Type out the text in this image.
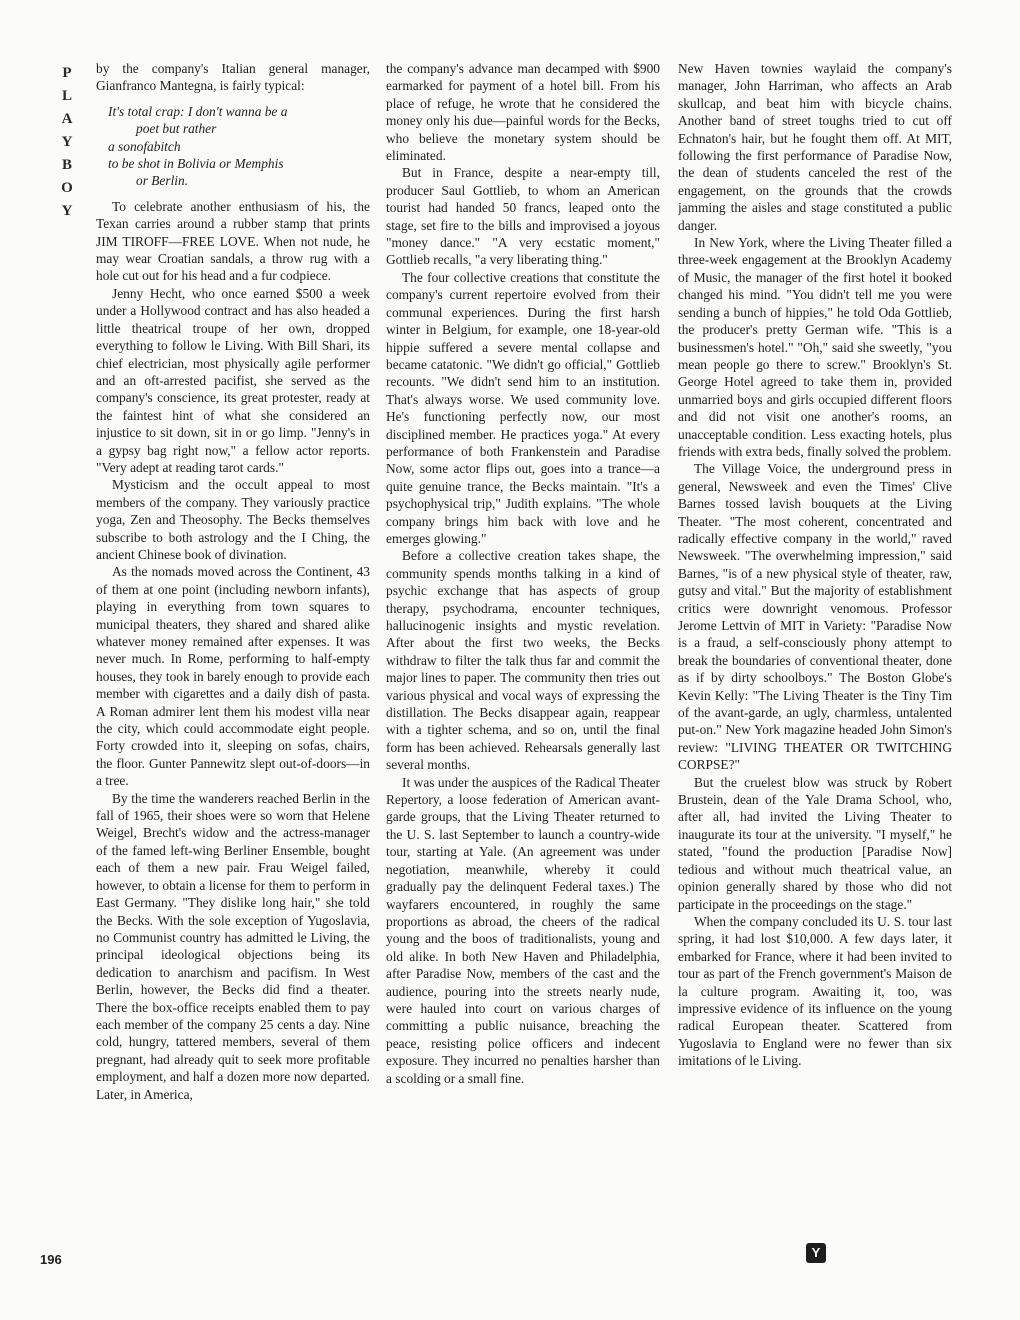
P
L
A
Y
B
O
Y

by the company's Italian general manager, Gianfranco Mantegna, is fairly typical:

It's total crap: I don't wanna be a
poet but rather
a sonofabitch
to be shot in Bolivia or Memphis
or Berlin.

To celebrate another enthusiasm of his, the Texan carries around a rubber stamp that prints JIM TIROFF—FREE LOVE. When not nude, he may wear Croatian sandals, a throw rug with a hole cut out for his head and a fur codpiece.

Jenny Hecht, who once earned $500 a week under a Hollywood contract and has also headed a little theatrical troupe of her own, dropped everything to follow le Living. With Bill Shari, its chief electrician, most physically agile performer and an oft-arrested pacifist, she served as the company's conscience, its great protester, ready at the faintest hint of what she considered an injustice to sit down, sit in or go limp. "Jenny's in a gypsy bag right now," a fellow actor reports. "Very adept at reading tarot cards."

Mysticism and the occult appeal to most members of the company. They variously practice yoga, Zen and Theosophy. The Becks themselves subscribe to both astrology and the I Ching, the ancient Chinese book of divination.

As the nomads moved across the Continent, 43 of them at one point (including newborn infants), playing in everything from town squares to municipal theaters, they shared and shared alike whatever money remained after expenses. It was never much. In Rome, performing to half-empty houses, they took in barely enough to provide each member with cigarettes and a daily dish of pasta. A Roman admirer lent them his modest villa near the city, which could accommodate eight people. Forty crowded into it, sleeping on sofas, chairs, the floor. Gunter Pannewitz slept out-of-doors—in a tree.

By the time the wanderers reached Berlin in the fall of 1965, their shoes were so worn that Helene Weigel, Brecht's widow and the actress-manager of the famed left-wing Berliner Ensemble, bought each of them a new pair. Frau Weigel failed, however, to obtain a license for them to perform in East Germany. "They dislike long hair," she told the Becks. With the sole exception of Yugoslavia, no Communist country has admitted le Living, the principal ideological objections being its dedication to anarchism and pacifism. In West Berlin, however, the Becks did find a theater. There the box-office receipts enabled them to pay each member of the company 25 cents a day. Nine cold, hungry, tattered members, several of them pregnant, had already quit to seek more profitable employment, and half a dozen more now departed. Later, in America,

the company's advance man decamped with $900 earmarked for payment of a hotel bill. From his place of refuge, he wrote that he considered the money only his due—painful words for the Becks, who believe the monetary system should be eliminated.

But in France, despite a near-empty till, producer Saul Gottlieb, to whom an American tourist had handed 50 francs, leaped onto the stage, set fire to the bills and improvised a joyous "money dance." "A very ecstatic moment," Gottlieb recalls, "a very liberating thing."

The four collective creations that constitute the company's current repertoire evolved from their communal experiences. During the first harsh winter in Belgium, for example, one 18-year-old hippie suffered a severe mental collapse and became catatonic. "We didn't go official," Gottlieb recounts. "We didn't send him to an institution. That's always worse. We used community love. He's functioning perfectly now, our most disciplined member. He practices yoga." At every performance of both Frankenstein and Paradise Now, some actor flips out, goes into a trance—a quite genuine trance, the Becks maintain. "It's a psychophysical trip," Judith explains. "The whole company brings him back with love and he emerges glowing."

Before a collective creation takes shape, the community spends months talking in a kind of psychic exchange that has aspects of group therapy, psychodrama, encounter techniques, hallucinogenic insights and mystic revelation. After about the first two weeks, the Becks withdraw to filter the talk thus far and commit the major lines to paper. The community then tries out various physical and vocal ways of expressing the distillation. The Becks disappear again, reappear with a tighter schema, and so on, until the final form has been achieved. Rehearsals generally last several months.

It was under the auspices of the Radical Theater Repertory, a loose federation of American avant-garde groups, that the Living Theater returned to the U. S. last September to launch a country-wide tour, starting at Yale. (An agreement was under negotiation, meanwhile, whereby it could gradually pay the delinquent Federal taxes.) The wayfarers encountered, in roughly the same proportions as abroad, the cheers of the radical young and the boos of traditionalists, young and old alike. In both New Haven and Philadelphia, after Paradise Now, members of the cast and the audience, pouring into the streets nearly nude, were hauled into court on various charges of committing a public nuisance, breaching the peace, resisting police officers and indecent exposure. They incurred no penalties harsher than a scolding or a small fine.

New Haven townies waylaid the company's manager, John Harriman, who affects an Arab skullcap, and beat him with bicycle chains. Another band of street toughs tried to cut off Echnaton's hair, but he fought them off. At MIT, following the first performance of Paradise Now, the dean of students canceled the rest of the engagement, on the grounds that the crowds jamming the aisles and stage constituted a public danger.

In New York, where the Living Theater filled a three-week engagement at the Brooklyn Academy of Music, the manager of the first hotel it booked changed his mind. "You didn't tell me you were sending a bunch of hippies," he told Oda Gottlieb, the producer's pretty German wife. "This is a businessmen's hotel." "Oh," said she sweetly, "you mean people go there to screw." Brooklyn's St. George Hotel agreed to take them in, provided unmarried boys and girls occupied different floors and did not visit one another's rooms, an unacceptable condition. Less exacting hotels, plus friends with extra beds, finally solved the problem.

The Village Voice, the underground press in general, Newsweek and even the Times' Clive Barnes tossed lavish bouquets at the Living Theater. "The most coherent, concentrated and radically effective company in the world," raved Newsweek. "The overwhelming impression," said Barnes, "is of a new physical style of theater, raw, gutsy and vital." But the majority of establishment critics were downright venomous. Professor Jerome Lettvin of MIT in Variety: "Paradise Now is a fraud, a self-consciously phony attempt to break the boundaries of conventional theater, done as if by dirty schoolboys." The Boston Globe's Kevin Kelly: "The Living Theater is the Tiny Tim of the avant-garde, an ugly, charmless, untalented put-on." New York magazine headed John Simon's review: "LIVING THEATER OR TWITCHING CORPSE?"

But the cruelest blow was struck by Robert Brustein, dean of the Yale Drama School, who, after all, had invited the Living Theater to inaugurate its tour at the university. "I myself," he stated, "found the production [Paradise Now] tedious and without much theatrical value, an opinion generally shared by those who did not participate in the proceedings on the stage."

When the company concluded its U. S. tour last spring, it had lost $10,000. A few days later, it embarked for France, where it had been invited to tour as part of the French government's Maison de la culture program. Awaiting it, too, was impressive evidence of its influence on the young radical European theater. Scattered from Yugoslavia to England were no fewer than six imitations of le Living.

196	Y
